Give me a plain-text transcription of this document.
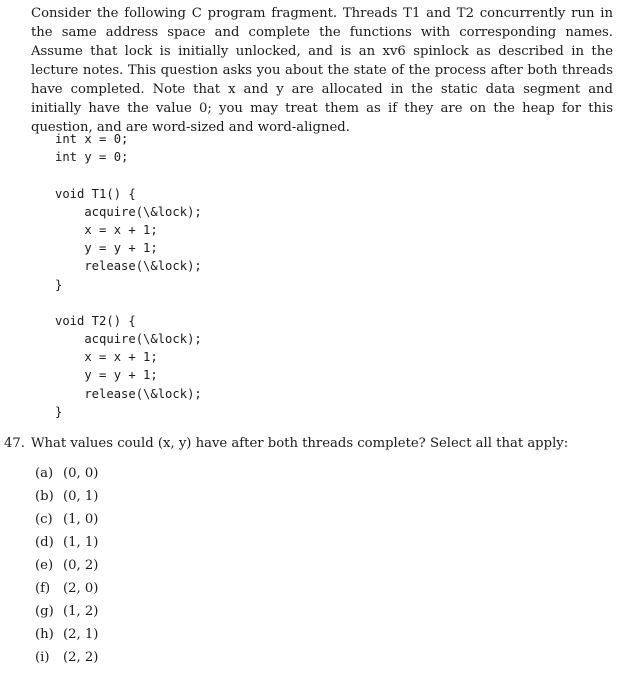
Consider the following C program fragment. Threads T1 and T2 concurrently run in the same address space and complete the functions with corresponding names. Assume that lock is initially unlocked, and is an xv6 spinlock as described in the lecture notes. This question asks you about the state of the process after both threads have completed. Note that x and y are allocated in the static data segment and initially have the value 0; you may treat them as if they are on the heap for this question, and are word-sized and word-aligned.

int x = 0;
int y = 0;
void T1() {
acquire(\&lock);
x = x + 1;
y = y + 1;
release(\&lock);
}
void T2() {
acquire(\&lock);
x = x + 1;
y = y + 1;
release(\&lock);
}

47. What values could (x, y) have after both threads complete? Select all that apply:

(a) (0, 0)
(b) (0, 1)
(c) (1, 0)
(d) (1, 1)
(e) (0, 2)
(f) (2, 0)
(g) (1, 2)
(h) (2, 1)
(i) (2, 2)
